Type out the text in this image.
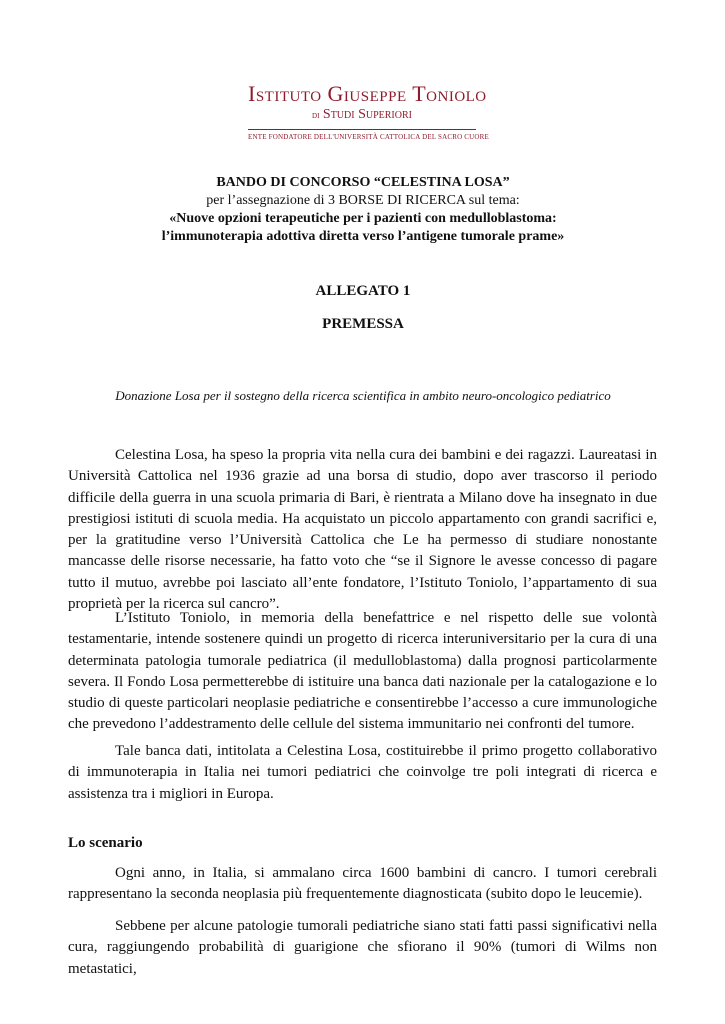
Istituto Giuseppe Toniolo
di Studi Superiori
ENTE FONDATORE DELL'UNIVERSITÀ CATTOLICA DEL SACRO CUORE
BANDO DI CONCORSO “CELESTINA LOSA”
per l’assegnazione di 3 BORSE DI RICERCA sul tema:
«Nuove opzioni terapeutiche per i pazienti con medulloblastoma:
l’immunoterapia adottiva diretta verso l’antigene tumorale prame»
ALLEGATO 1
PREMESSA
Donazione Losa per il sostegno della ricerca scientifica in ambito neuro-oncologico pediatrico

Celestina Losa, ha speso la propria vita nella cura dei bambini e dei ragazzi. Laureatasi in Università Cattolica nel 1936 grazie ad una borsa di studio, dopo aver trascorso il periodo difficile della guerra in una scuola primaria di Bari, è rientrata a Milano dove ha insegnato in due prestigiosi istituti di scuola media. Ha acquistato un piccolo appartamento con grandi sacrifici e, per la gratitudine verso l’Università Cattolica che Le ha permesso di studiare nonostante mancasse delle risorse necessarie, ha fatto voto che “se il Signore le avesse concesso di pagare tutto il mutuo, avrebbe poi lasciato all’ente fondatore, l’Istituto Toniolo, l’appartamento di sua proprietà per la ricerca sul cancro”.

L’Istituto Toniolo, in memoria della benefattrice e nel rispetto delle sue volontà testamentarie, intende sostenere quindi un progetto di ricerca interuniversitario per la cura di una determinata patologia tumorale pediatrica (il medulloblastoma) dalla prognosi particolarmente severa. Il Fondo Losa permetterebbe di istituire una banca dati nazionale per la catalogazione e lo studio di queste particolari neoplasie pediatriche e consentirebbe l’accesso a cure immunologiche che prevedono l’addestramento delle cellule del sistema immunitario nei confronti del tumore.

Tale banca dati, intitolata a Celestina Losa, costituirebbe il primo progetto collaborativo di immunoterapia in Italia nei tumori pediatrici che coinvolge tre poli integrati di ricerca e assistenza tra i migliori in Europa.

Lo scenario

Ogni anno, in Italia, si ammalano circa 1600 bambini di cancro. I tumori cerebrali rappresentano la seconda neoplasia più frequentemente diagnosticata (subito dopo le leucemie).

Sebbene per alcune patologie tumorali pediatriche siano stati fatti passi significativi nella cura, raggiungendo probabilità di guarigione che sfiorano il 90% (tumori di Wilms non metastatici,
